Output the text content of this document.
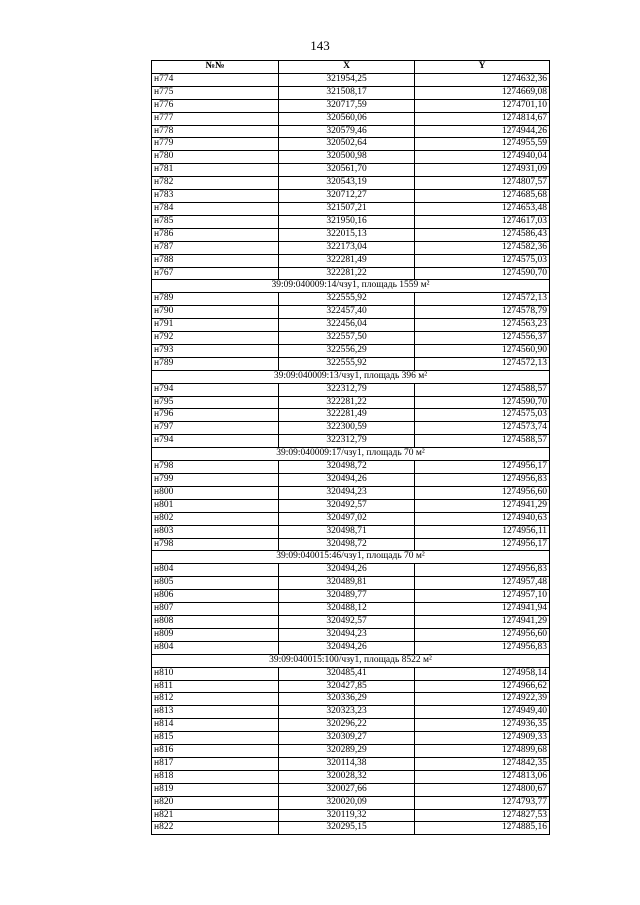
143
№№	X	Y
н774	321954,25	1274632,36
н775	321508,17	1274669,08
н776	320717,59	1274701,10
н777	320560,06	1274814,67
н778	320579,46	1274944,26
н779	320502,64	1274955,59
н780	320500,98	1274940,04
н781	320561,70	1274931,09
н782	320543,19	1274807,57
н783	320712,27	1274685,68
н784	321507,21	1274653,48
н785	321950,16	1274617,03
н786	322015,13	1274586,43
н787	322173,04	1274582,36
н788	322281,49	1274575,03
н767	322281,22	1274590,70
39:09:040009:14/чзу1, площадь 1559 м²		
н789	322555,92	1274572,13
н790	322457,40	1274578,79
н791	322456,04	1274563,23
н792	322557,50	1274556,37
н793	322556,29	1274560,90
н789	322555,92	1274572,13
39:09:040009:13/чзу1, площадь 396 м²		
н794	322312,79	1274588,57
н795	322281,22	1274590,70
н796	322281,49	1274575,03
н797	322300,59	1274573,74
н794	322312,79	1274588,57
39:09:040009:17/чзу1, площадь 70 м²		
н798	320498,72	1274956,17
н799	320494,26	1274956,83
н800	320494,23	1274956,60
н801	320492,57	1274941,29
н802	320497,02	1274940,63
н803	320498,71	1274956,11
н798	320498,72	1274956,17
39:09:040015:46/чзу1, площадь 70 м²		
н804	320494,26	1274956,83
н805	320489,81	1274957,48
н806	320489,77	1274957,10
н807	320488,12	1274941,94
н808	320492,57	1274941,29
н809	320494,23	1274956,60
н804	320494,26	1274956,83
39:09:040015:100/чзу1, площадь 8522 м²		
н810	320485,41	1274958,14
н811	320427,85	1274966,62
н812	320336,29	1274922,39
н813	320323,23	1274949,40
н814	320296,22	1274936,35
н815	320309,27	1274909,33
н816	320289,29	1274899,68
н817	320114,38	1274842,35
н818	320028,32	1274813,06
н819	320027,66	1274800,67
н820	320020,09	1274793,77
н821	320119,32	1274827,53
н822	320295,15	1274885,16
